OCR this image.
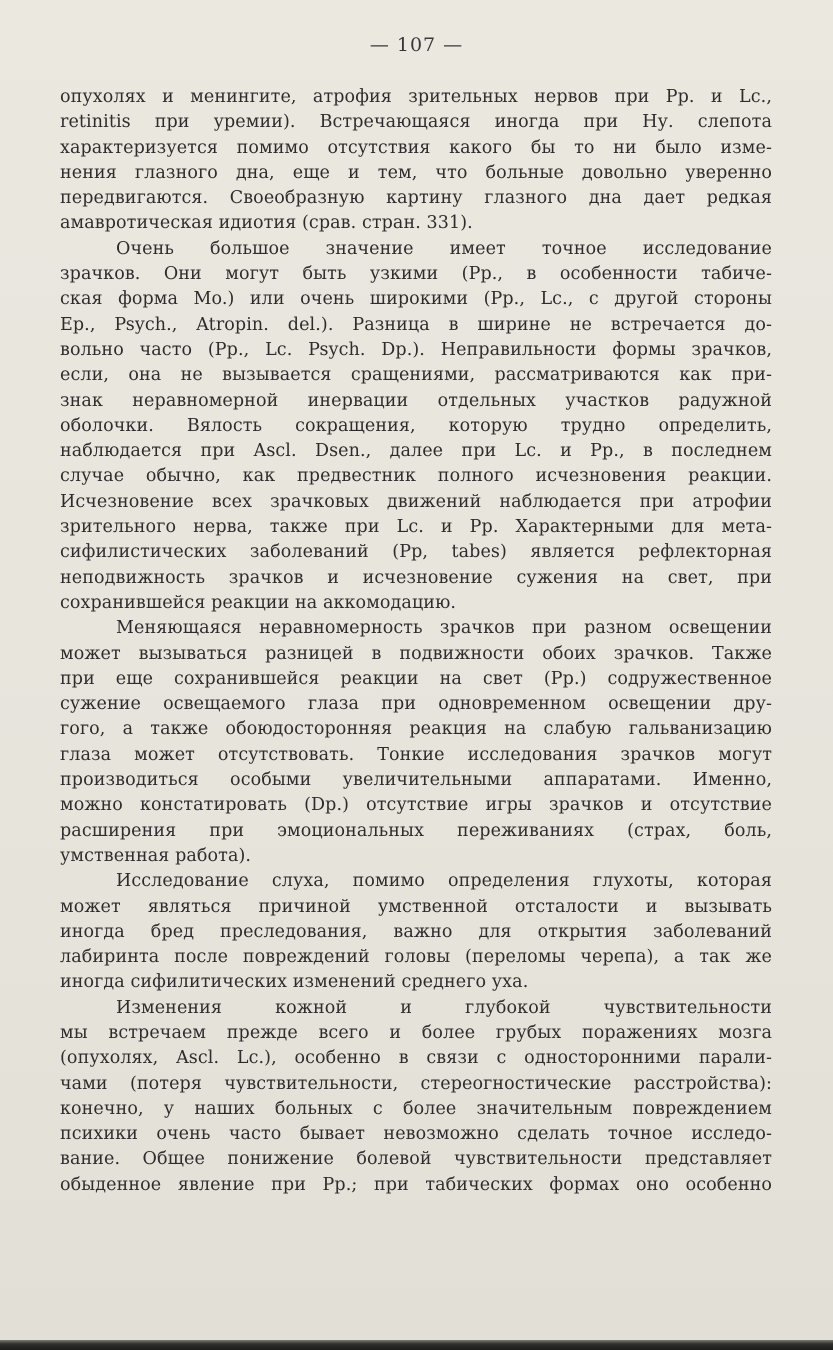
— 107 —
опухолях и менингите, атрофия зрительных нервов при Рр. и Lc.,
retinitis при уремии). Встречающаяся иногда при Ну. слепота
характеризуется помимо отсутствия какого бы то ни было изме-
нения глазного дна, еще и тем, что больные довольно уверенно
передвигаются. Своеобразную картину глазного дна дает редкая
амавротическая идиотия (срав. стран. 331).
Очень большое значение имеет точное исследование
зрачков. Они могут быть узкими (Рр., в особенности табиче-
ская форма Mo.) или очень широкими (Рр., Lc., с другой стороны
Ер., Psych., Atropin. del.). Разница в ширине не встречается до-
вольно часто (Рр., Lc. Psych. Dp.). Неправильности формы зрачков,
если, она не вызывается сращениями, рассматриваются как при-
знак неравномерной инервации отдельных участков радужной
оболочки. Вялость сокращения, которую трудно определить,
наблюдается при Ascl. Dsen., далее при Lc. и Рр., в последнем
случае обычно, как предвестник полного исчезновения реакции.
Исчезновение всех зрачковых движений наблюдается при атрофии
зрительного нерва, также при Lc. и Рр. Характерными для мета-
сифилистических заболеваний (Рр, tabes) является рефлекторная
неподвижность зрачков и исчезновение сужения на свет, при
сохранившейся реакции на аккомодацию.
Меняющаяся неравномерность зрачков при разном освещении
может вызываться разницей в подвижности обоих зрачков. Также
при еще сохранившейся реакции на свет (Рр.) содружественное
сужение освещаемого глаза при одновременном освещении дру-
гого, а также обоюдосторонняя реакция на слабую гальванизацию
глаза может отсутствовать. Тонкие исследования зрачков могут
производиться особыми увеличительными аппаратами. Именно,
можно констатировать (Dp.) отсутствие игры зрачков и отсутствие
расширения при эмоциональных переживаниях (страх, боль,
умственная работа).
Исследование слуха, помимо определения глухоты, которая
может являться причиной умственной отсталости и вызывать
иногда бред преследования, важно для открытия заболеваний
лабиринта после повреждений головы (переломы черепа), а так же
иногда сифилитических изменений среднего уха.
Изменения кожной и глубокой чувствительности
мы встречаем прежде всего и более грубых поражениях мозга
(опухолях, Ascl. Lc.), особенно в связи с односторонними парали-
чами (потеря чувствительности, стереогностические расстройства):
конечно, у наших больных с более значительным повреждением
психики очень часто бывает невозможно сделать точное исследо-
вание. Общее понижение болевой чувствительности представляет
обыденное явление при Рр.; при табических формах оно особенно
